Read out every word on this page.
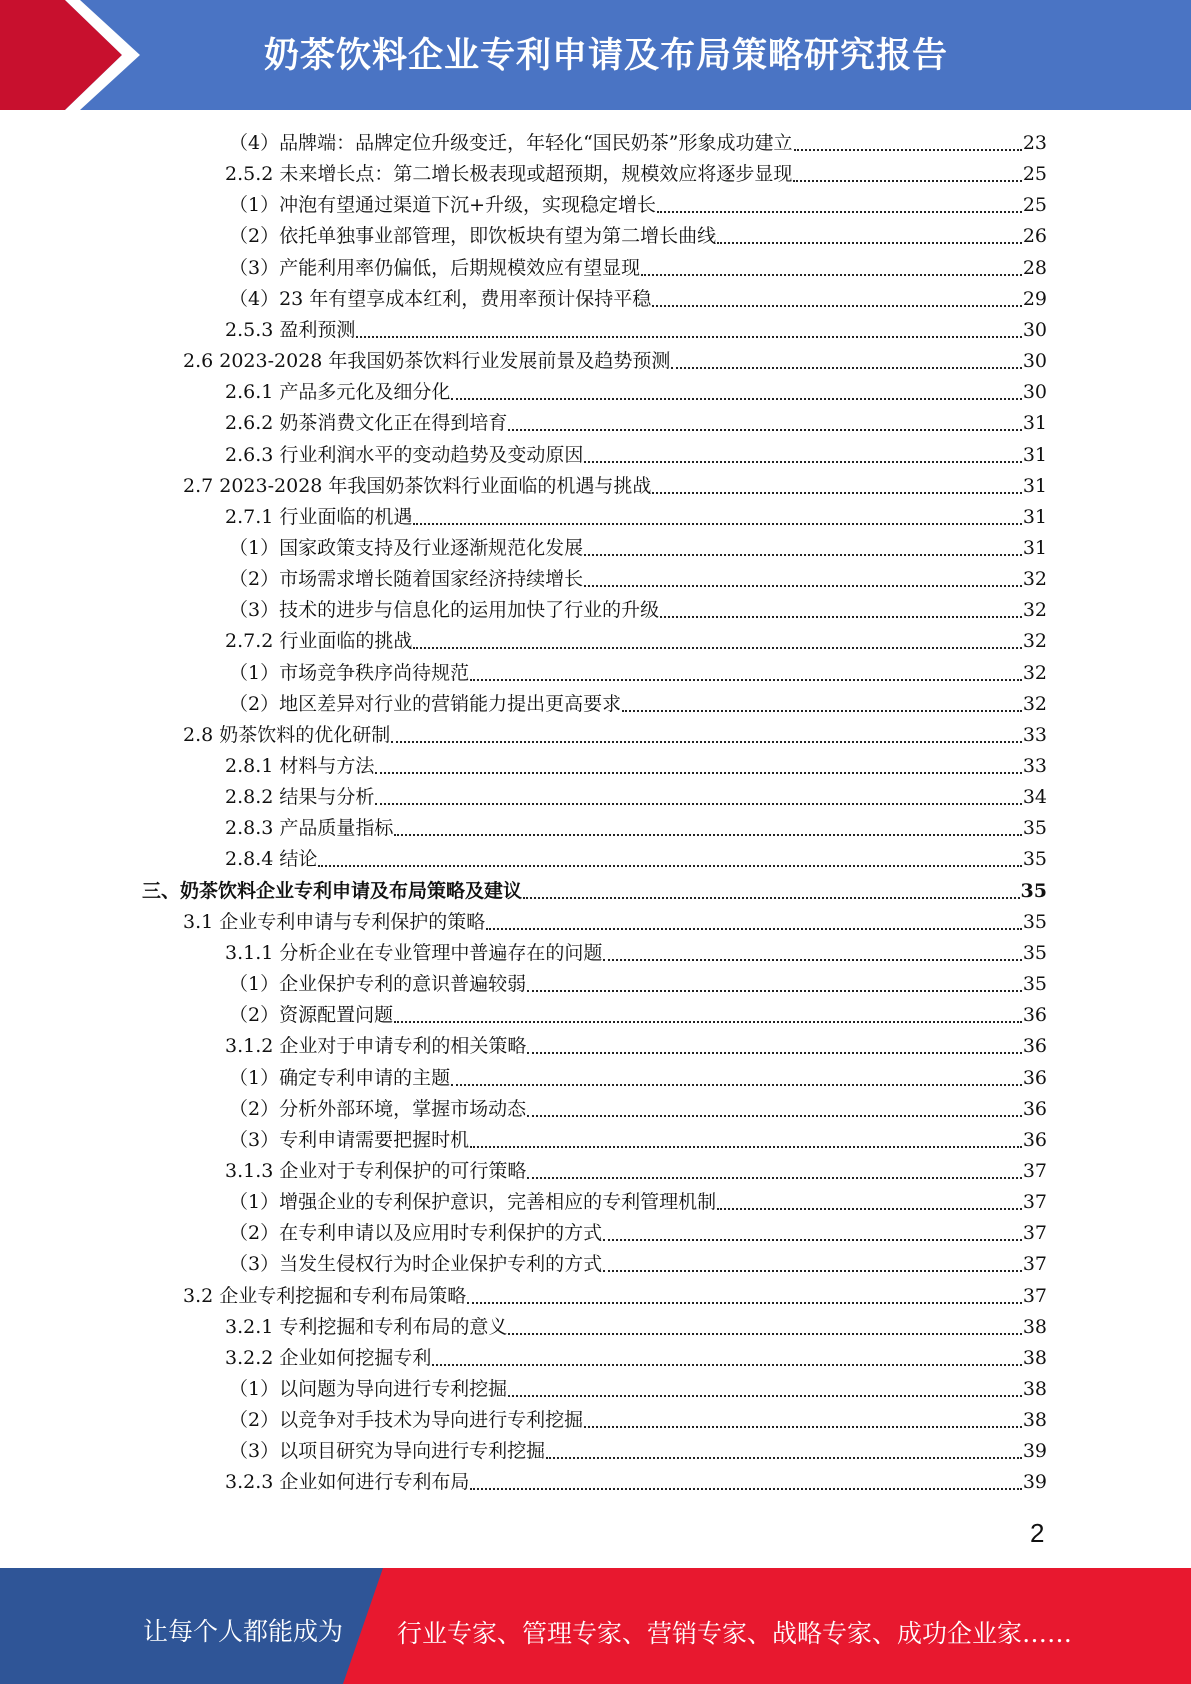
奶茶饮料企业专利申请及布局策略研究报告
（4）品牌端：品牌定位升级变迁，年轻化“国民奶茶”形象成功建立	23
2.5.2 未来增长点：第二增长极表现或超预期，规模效应将逐步显现	25
（1）冲泡有望通过渠道下沉+升级，实现稳定增长	25
（2）依托单独事业部管理，即饮板块有望为第二增长曲线	26
（3）产能利用率仍偏低，后期规模效应有望显现	28
（4）23 年有望享成本红利，费用率预计保持平稳	29
2.5.3 盈利预测	30
2.6 2023-2028 年我国奶茶饮料行业发展前景及趋势预测	30
2.6.1 产品多元化及细分化	30
2.6.2 奶茶消费文化正在得到培育	31
2.6.3 行业利润水平的变动趋势及变动原因	31
2.7 2023-2028 年我国奶茶饮料行业面临的机遇与挑战	31
2.7.1 行业面临的机遇	31
（1）国家政策支持及行业逐渐规范化发展	31
（2）市场需求增长随着国家经济持续增长	32
（3）技术的进步与信息化的运用加快了行业的升级	32
2.7.2 行业面临的挑战	32
（1）市场竞争秩序尚待规范	32
（2）地区差异对行业的营销能力提出更高要求	32
2.8 奶茶饮料的优化研制	33
2.8.1 材料与方法	33
2.8.2 结果与分析	34
2.8.3 产品质量指标	35
2.8.4 结论	35
三、奶茶饮料企业专利申请及布局策略及建议	35
3.1 企业专利申请与专利保护的策略	35
3.1.1 分析企业在专业管理中普遍存在的问题	35
（1）企业保护专利的意识普遍较弱	35
（2）资源配置问题	36
3.1.2 企业对于申请专利的相关策略	36
（1）确定专利申请的主题	36
（2）分析外部环境，掌握市场动态	36
（3）专利申请需要把握时机	36
3.1.3 企业对于专利保护的可行策略	37
（1）增强企业的专利保护意识，完善相应的专利管理机制	37
（2）在专利申请以及应用时专利保护的方式	37
（3）当发生侵权行为时企业保护专利的方式	37
3.2 企业专利挖掘和专利布局策略	37
3.2.1 专利挖掘和专利布局的意义	38
3.2.2 企业如何挖掘专利	38
（1）以问题为导向进行专利挖掘	38
（2）以竞争对手技术为导向进行专利挖掘	38
（3）以项目研究为导向进行专利挖掘	39
3.2.3 企业如何进行专利布局	39
2
让每个人都能成为 行业专家、管理专家、营销专家、战略专家、成功企业家……
